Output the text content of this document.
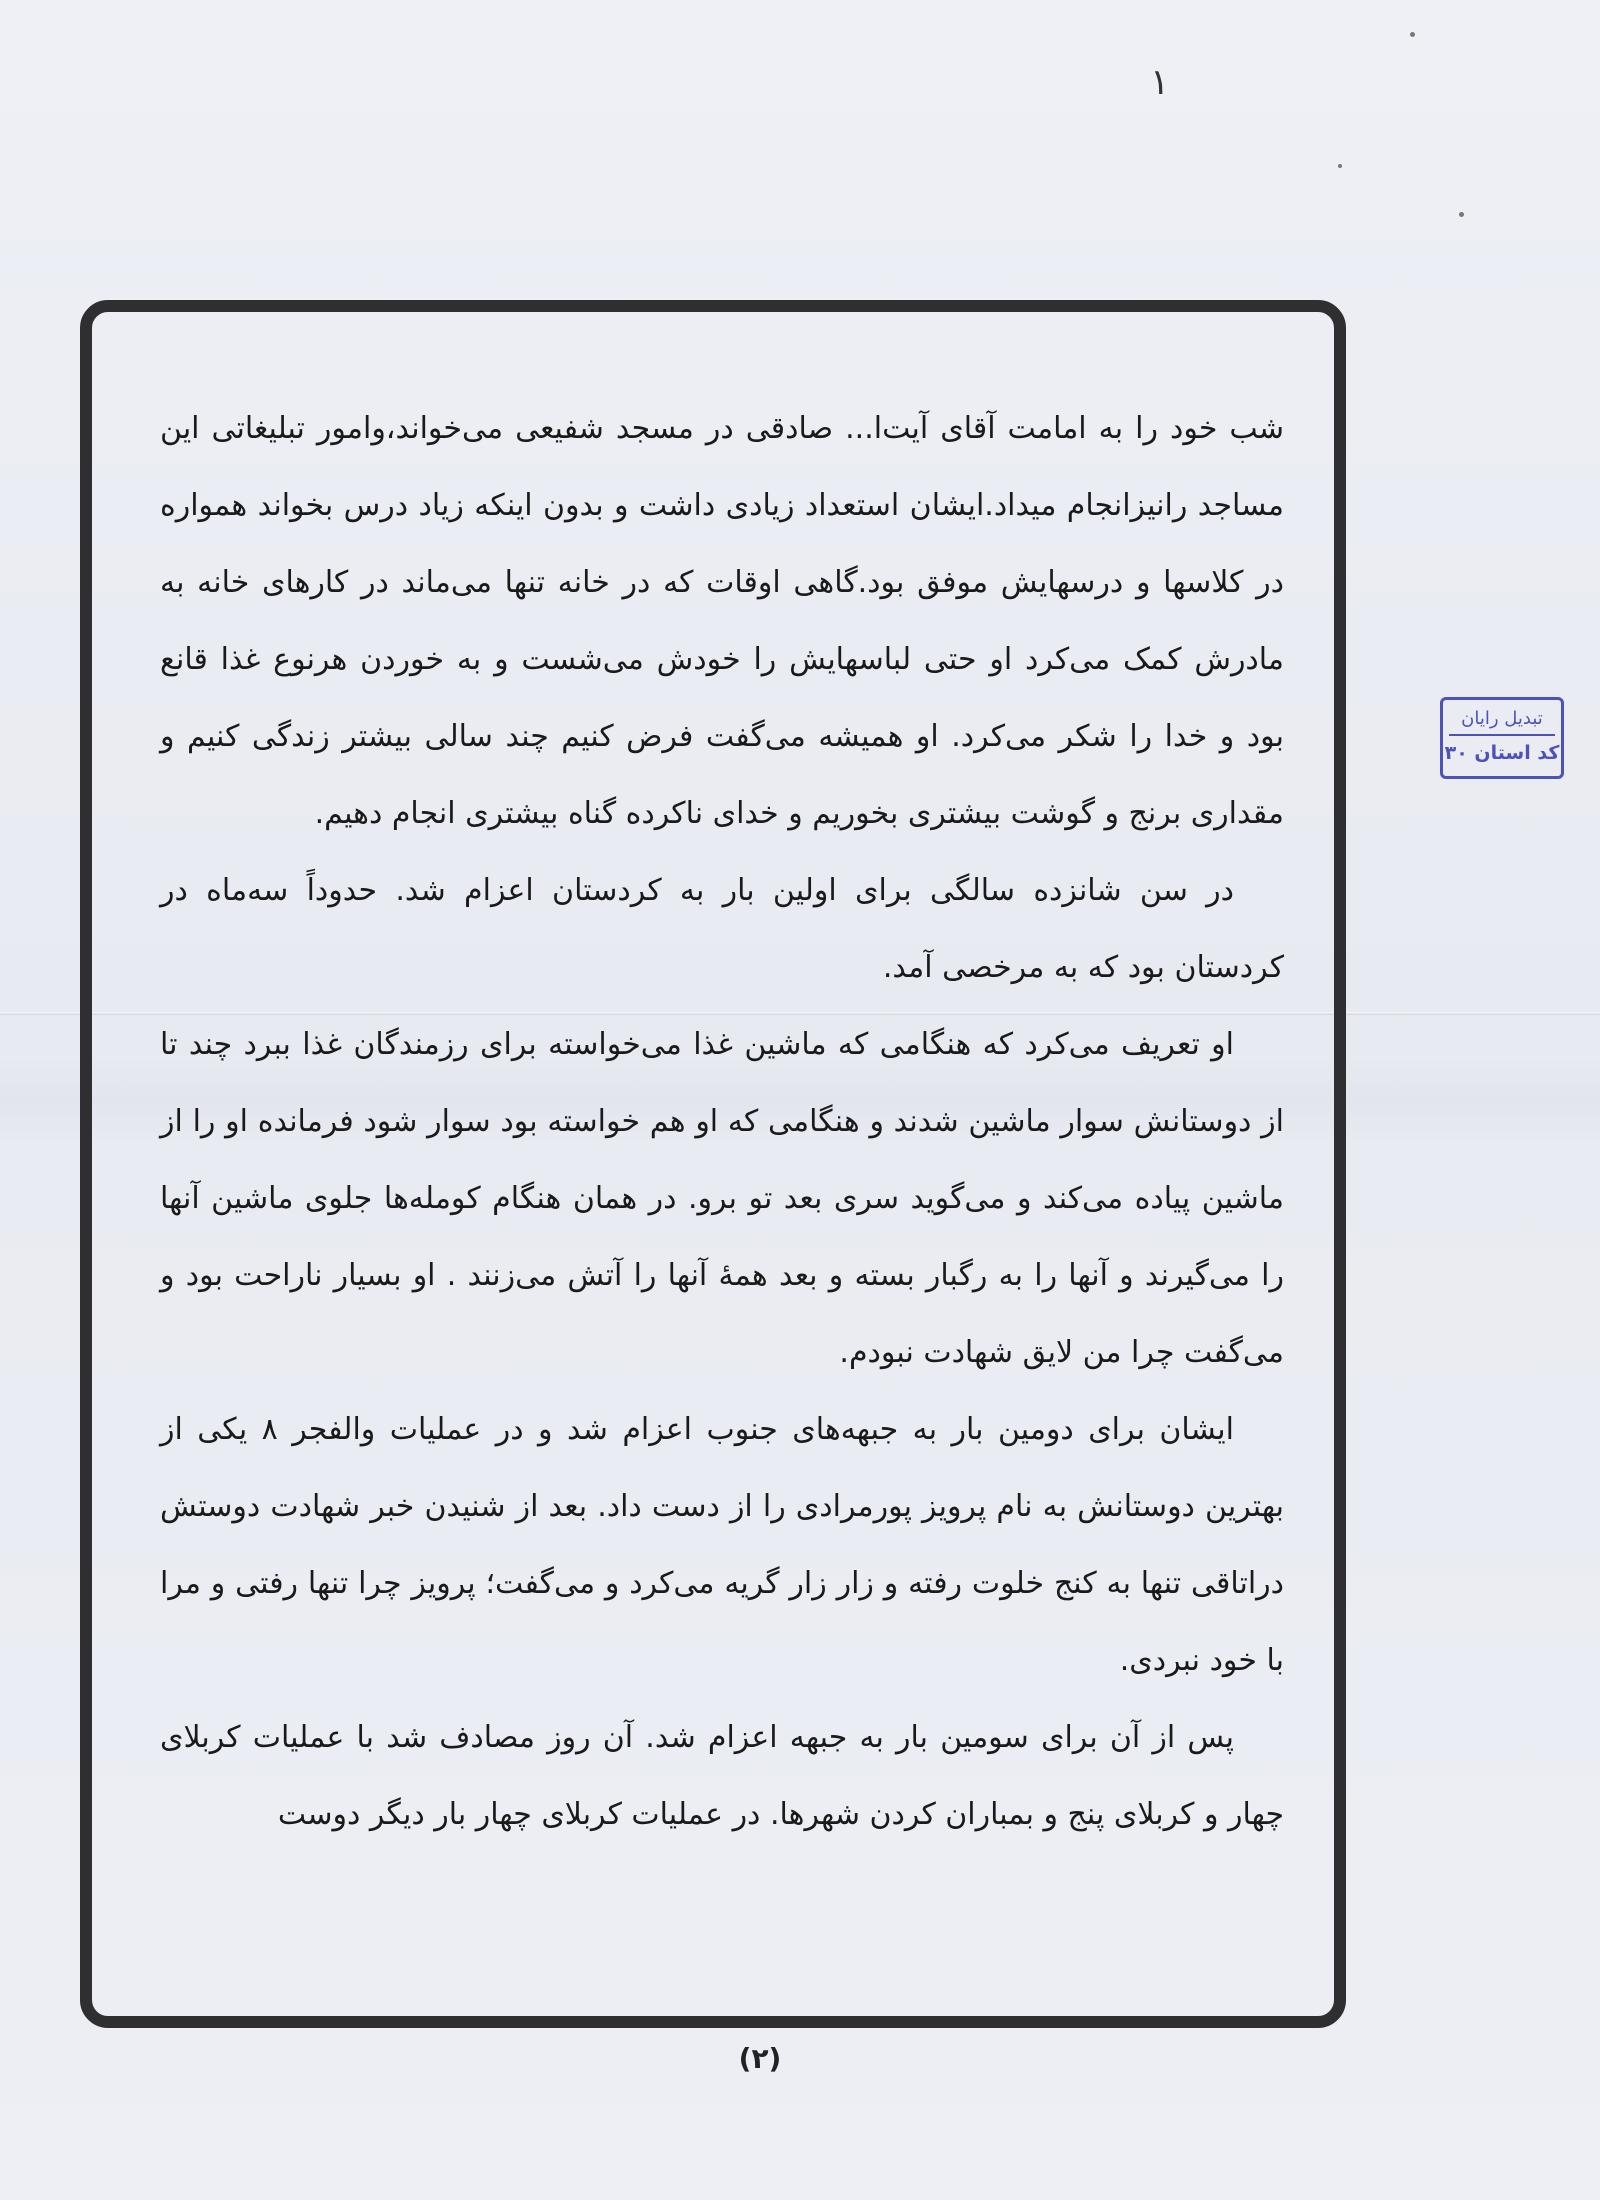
١

شب خود را به امامت آقای آیت‌ا... صادقی در مسجد شفیعی می‌خواند،وامور تبلیغاتی این مساجد رانیزانجام میداد.ایشان استعداد زیادی داشت و بدون اینکه زیاد درس بخواند همواره در کلاسها و درسهایش موفق بود.گاهی اوقات که در خانه تنها می‌ماند در کارهای خانه به مادرش کمک می‌کرد او حتی لباسهایش را خودش می‌شست و به خوردن هرنوع غذا قانع بود و خدا را شکر می‌کرد. او همیشه می‌گفت فرض کنیم چند سالی بیشتر زندگی کنیم و مقداری برنج و گوشت بیشتری بخوریم و خدای ناکرده گناه بیشتری انجام دهیم.

در سن شانزده سالگی برای اولین بار به کردستان اعزام شد. حدوداً سه‌ماه در کردستان بود که به مرخصی آمد.

او تعریف می‌کرد که هنگامی که ماشین غذا می‌خواسته برای رزمندگان غذا ببرد چند تا از دوستانش سوار ماشین شدند و هنگامی که او هم خواسته بود سوار شود فرمانده او را از ماشین پیاده می‌کند و می‌گوید سری بعد تو برو. در همان هنگام کومله‌ها جلوی ماشین آنها را می‌گیرند و آنها را به رگبار بسته و بعد همهٔ آنها را آتش می‌زنند . او بسیار ناراحت بود و می‌گفت چرا من لایق شهادت نبودم.

ایشان برای دومین بار به جبهه‌های جنوب اعزام شد و در عملیات والفجر ۸ یکی از بهترین دوستانش به نام پرویز پورمرادی را از دست داد. بعد از شنیدن خبر شهادت دوستش دراتاقی تنها به کنج خلوت رفته و زار زار گریه می‌کرد و می‌گفت؛ پرویز چرا تنها رفتی و مرا با خود نبردی.

پس از آن برای سومین بار به جبهه اعزام شد. آن روز مصادف شد با عملیات کربلای چهار و کربلای پنج و بمباران کردن شهرها. در عملیات کربلای چهار بار دیگر دوست

تبدیل رایان
کد استان ۳۰
(۲)
